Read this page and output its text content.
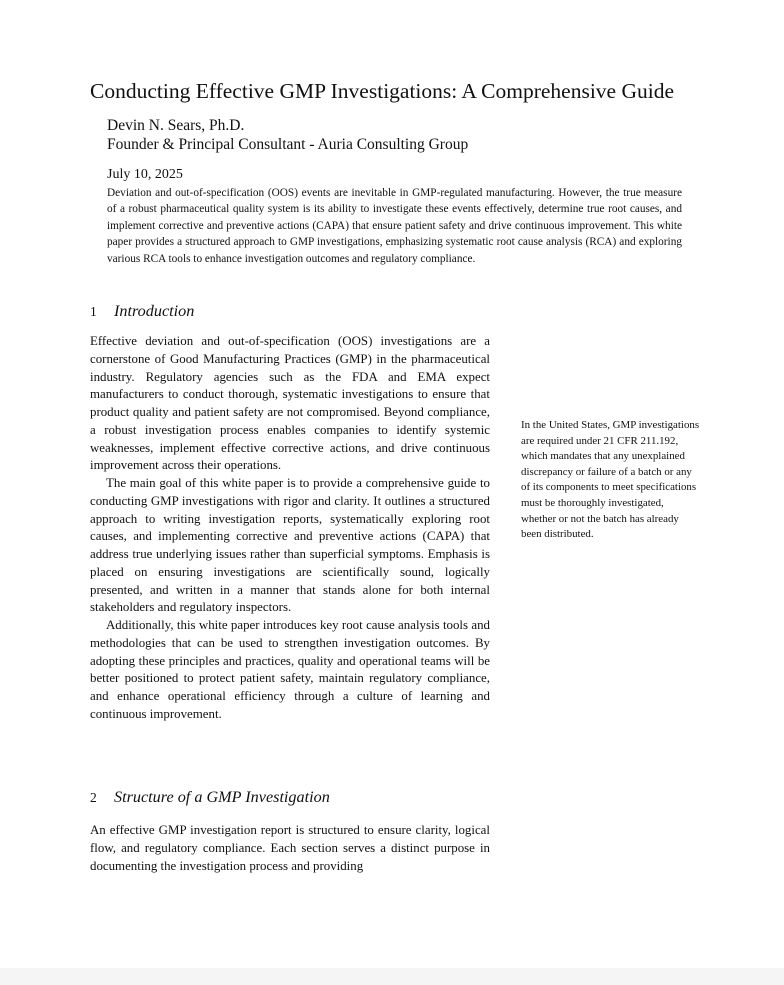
Conducting Effective GMP Investigations: A Comprehensive Guide

Devin N. Sears, Ph.D.

Founder & Principal Consultant - Auria Consulting Group

July 10, 2025

Deviation and out-of-specification (OOS) events are inevitable in GMP-regulated manufacturing. However, the true measure of a robust pharmaceutical quality system is its ability to investigate these events effectively, determine true root causes, and implement corrective and preventive actions (CAPA) that ensure patient safety and drive continuous improvement. This white paper provides a structured approach to GMP investigations, emphasizing systematic root cause analysis (RCA) and exploring various RCA tools to enhance investigation outcomes and regulatory compliance.

1 Introduction

Effective deviation and out-of-specification (OOS) investigations are a cornerstone of Good Manufacturing Practices (GMP) in the pharmaceutical industry. Regulatory agencies such as the FDA and EMA expect manufacturers to conduct thorough, systematic investigations to ensure that product quality and patient safety are not compromised. Beyond compliance, a robust investigation process enables companies to identify systemic weaknesses, implement effective corrective actions, and drive continuous improvement across their operations.

The main goal of this white paper is to provide a comprehensive guide to conducting GMP investigations with rigor and clarity. It outlines a structured approach to writing investigation reports, systematically exploring root causes, and implementing corrective and preventive actions (CAPA) that address true underlying issues rather than superficial symptoms. Emphasis is placed on ensuring investigations are scientifically sound, logically presented, and written in a manner that stands alone for both internal stakeholders and regulatory inspectors.

Additionally, this white paper introduces key root cause analysis tools and methodologies that can be used to strengthen investigation outcomes. By adopting these principles and practices, quality and operational teams will be better positioned to protect patient safety, maintain regulatory compliance, and enhance operational efficiency through a culture of learning and continuous improvement.

In the United States, GMP investigations are required under 21 CFR 211.192, which mandates that any unexplained discrepancy or failure of a batch or any of its components to meet specifications must be thoroughly investigated, whether or not the batch has already been distributed.

2 Structure of a GMP Investigation

An effective GMP investigation report is structured to ensure clarity, logical flow, and regulatory compliance. Each section serves a distinct purpose in documenting the investigation process and providing
